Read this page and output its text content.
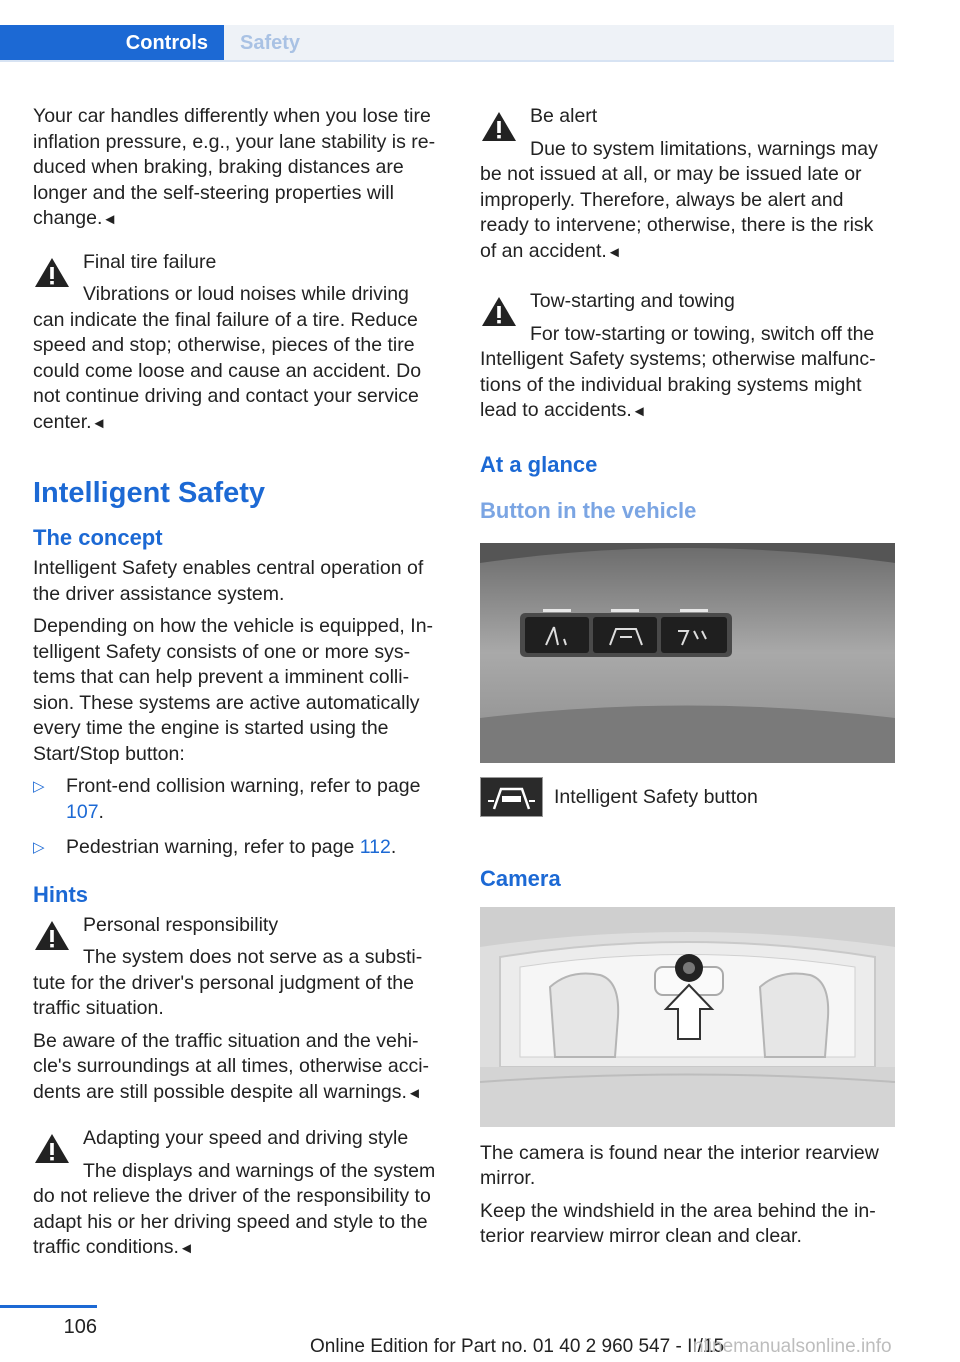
Controls Safety

Your car handles differently when you lose tire inflation pressure, e.g., your lane stability is re-duced when braking, braking distances are longer and the self-steering properties will change.◄

Final tire failure
Vibrations or loud noises while driving
can indicate the final failure of a tire. Reduce speed and stop; otherwise, pieces of the tire could come loose and cause an accident. Do not continue driving and contact your service center.◄
Intelligent Safety
The concept

Intelligent Safety enables central operation of the driver assistance system.

Depending on how the vehicle is equipped, In-telligent Safety consists of one or more sys-tems that can help prevent a imminent colli-sion. These systems are active automatically every time the engine is started using the Start/Stop button:

▷ Front-end collision warning, refer to page 107.
▷ Pedestrian warning, refer to page 112.
Hints
Personal responsibility
The system does not serve as a substi-

tute for the driver's personal judgment of the traffic situation.

Be aware of the traffic situation and the vehi-cle's surroundings at all times, otherwise acci-dents are still possible despite all warnings.◄
Adapting your speed and driving style
The displays and warnings of the system
do not relieve the driver of the responsibility to adapt his or her driving speed and style to the traffic conditions.◄
Be alert
Due to system limitations, warnings may
be not issued at all, or may be issued late or improperly. Therefore, always be alert and ready to intervene; otherwise, there is the risk of an accident.◄
Tow-starting and towing
For tow-starting or towing, switch off the
Intelligent Safety systems; otherwise malfunc-tions of the individual braking systems might lead to accidents.◄
At a glance
Button in the vehicle
Intelligent Safety button
Camera

The camera is found near the interior rearview mirror.

Keep the windshield in the area behind the in-terior rearview mirror clean and clear.

106
Online Edition for Part no. 01 40 2 960 547 - II/15
nlinemanualsonline.info
